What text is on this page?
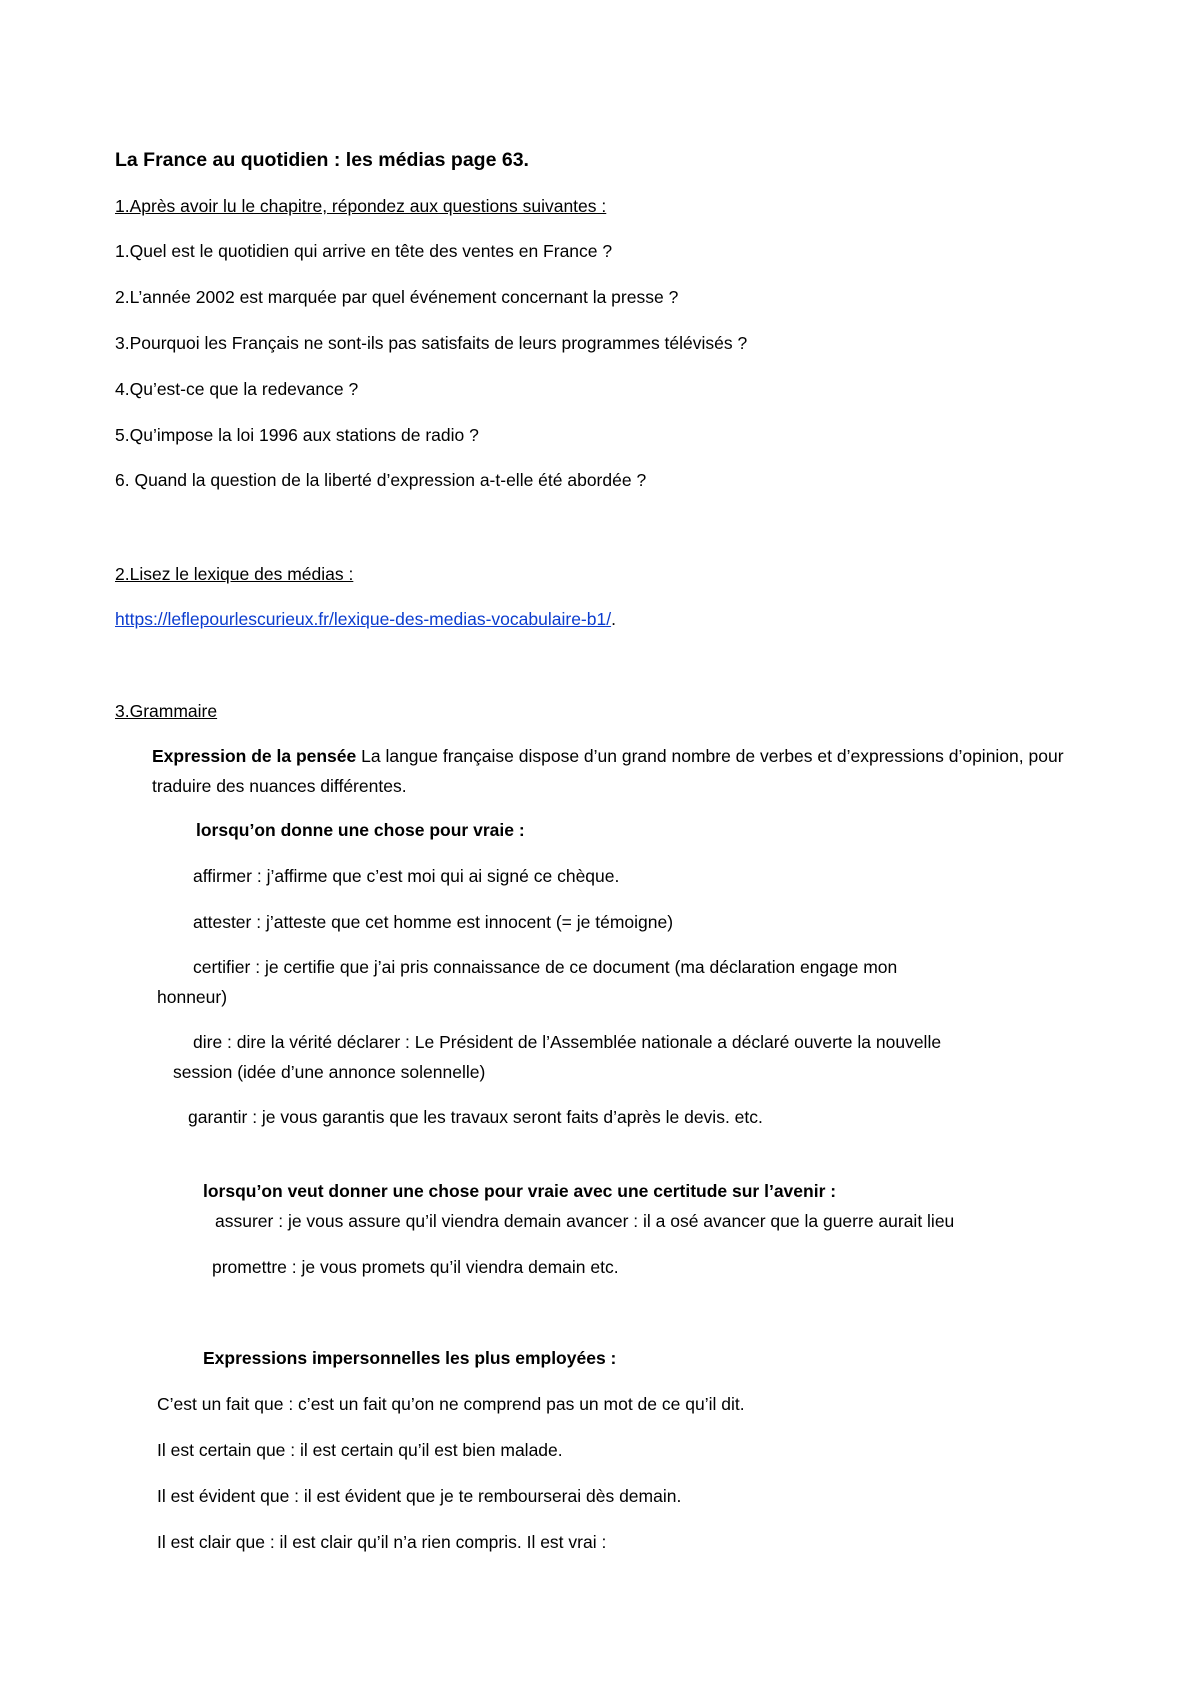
La France au quotidien : les médias page 63.
1.Après avoir lu le chapitre, répondez aux questions suivantes :
1.Quel est le quotidien qui arrive en tête des ventes en France ?
2.L’année 2002 est marquée par quel événement concernant la presse ?
3.Pourquoi les Français ne sont-ils pas satisfaits de leurs programmes télévisés ?
4.Qu’est-ce que la redevance ?
5.Qu’impose la loi 1996 aux stations de radio ?
6. Quand la question de la liberté d’expression a-t-elle été abordée ?
2.Lisez le lexique des médias :
https://leflepourlescurieux.fr/lexique-des-medias-vocabulaire-b1/.
3.Grammaire
Expression de la pensée La langue française dispose d’un grand nombre de verbes et d’expressions d’opinion, pour traduire des nuances différentes.
lorsqu’on donne une chose pour vraie :
affirmer : j’affirme que c’est moi qui ai signé ce chèque.
attester : j’atteste que cet homme est innocent (= je témoigne)
certifier : je certifie que j’ai pris connaissance de ce document (ma déclaration engage mon
honneur)
dire : dire la vérité déclarer : Le Président de l’Assemblée nationale a déclaré ouverte la nouvelle
session (idée d’une annonce solennelle)
garantir : je vous garantis que les travaux seront faits d’après le devis. etc.
lorsqu’on veut donner une chose pour vraie avec une certitude sur l’avenir :
assurer : je vous assure qu’il viendra demain avancer : il a osé avancer que la guerre aurait lieu
promettre : je vous promets qu’il viendra demain etc.
Expressions impersonnelles les plus employées :
C’est un fait que : c’est un fait qu’on ne comprend pas un mot de ce qu’il dit.
Il est certain que : il est certain qu’il est bien malade.
Il est évident que : il est évident que je te rembourserai dès demain.
Il est clair que : il est clair qu’il n’a rien compris. Il est vrai :
